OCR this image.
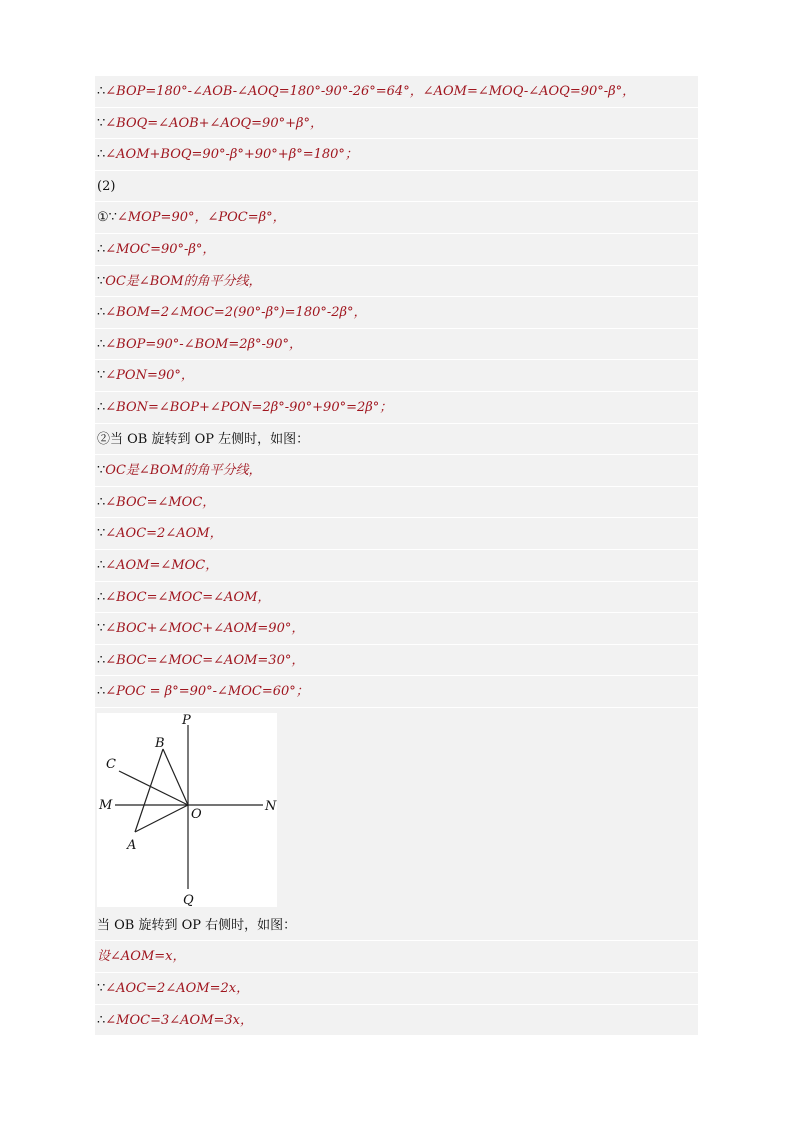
∴∠BOP=180°-∠AOB-∠AOQ=180°-90°-26°=64°，∠AOM=∠MOQ-∠AOQ=90°-β°，
∵∠BOQ=∠AOB+∠AOQ=90°+β°，
∴∠AOM+BOQ=90°-β°+90°+β°=180°；
(2)
①∵∠MOP=90°，∠POC=β°，
∴∠MOC=90°-β°，
∵OC是∠BOM的角平分线，
∴∠BOM=2∠MOC=2(90°-β°)=180°-2β°，
∴∠BOP=90°-∠BOM=2β°-90°，
∵∠PON=90°，
∴∠BON=∠BOP+∠PON=2β°-90°+90°=2β°；
②当 OB 旋转到 OP 左侧时，如图：
∵OC是∠BOM的角平分线，
∴∠BOC=∠MOC，
∵∠AOC=2∠AOM，
∴∠AOM=∠MOC，
∴∠BOC=∠MOC=∠AOM，
∵∠BOC+∠MOC+∠AOM=90°，
∴∠BOC=∠MOC=∠AOM=30°，
∴∠POC = β°=90°-∠MOC=60°；
P
Q
M	N
O
A
B
C
当 OB 旋转到 OP 右侧时，如图：
设∠AOM=x，
∵∠AOC=2∠AOM=2x，
∴∠MOC=3∠AOM=3x，
